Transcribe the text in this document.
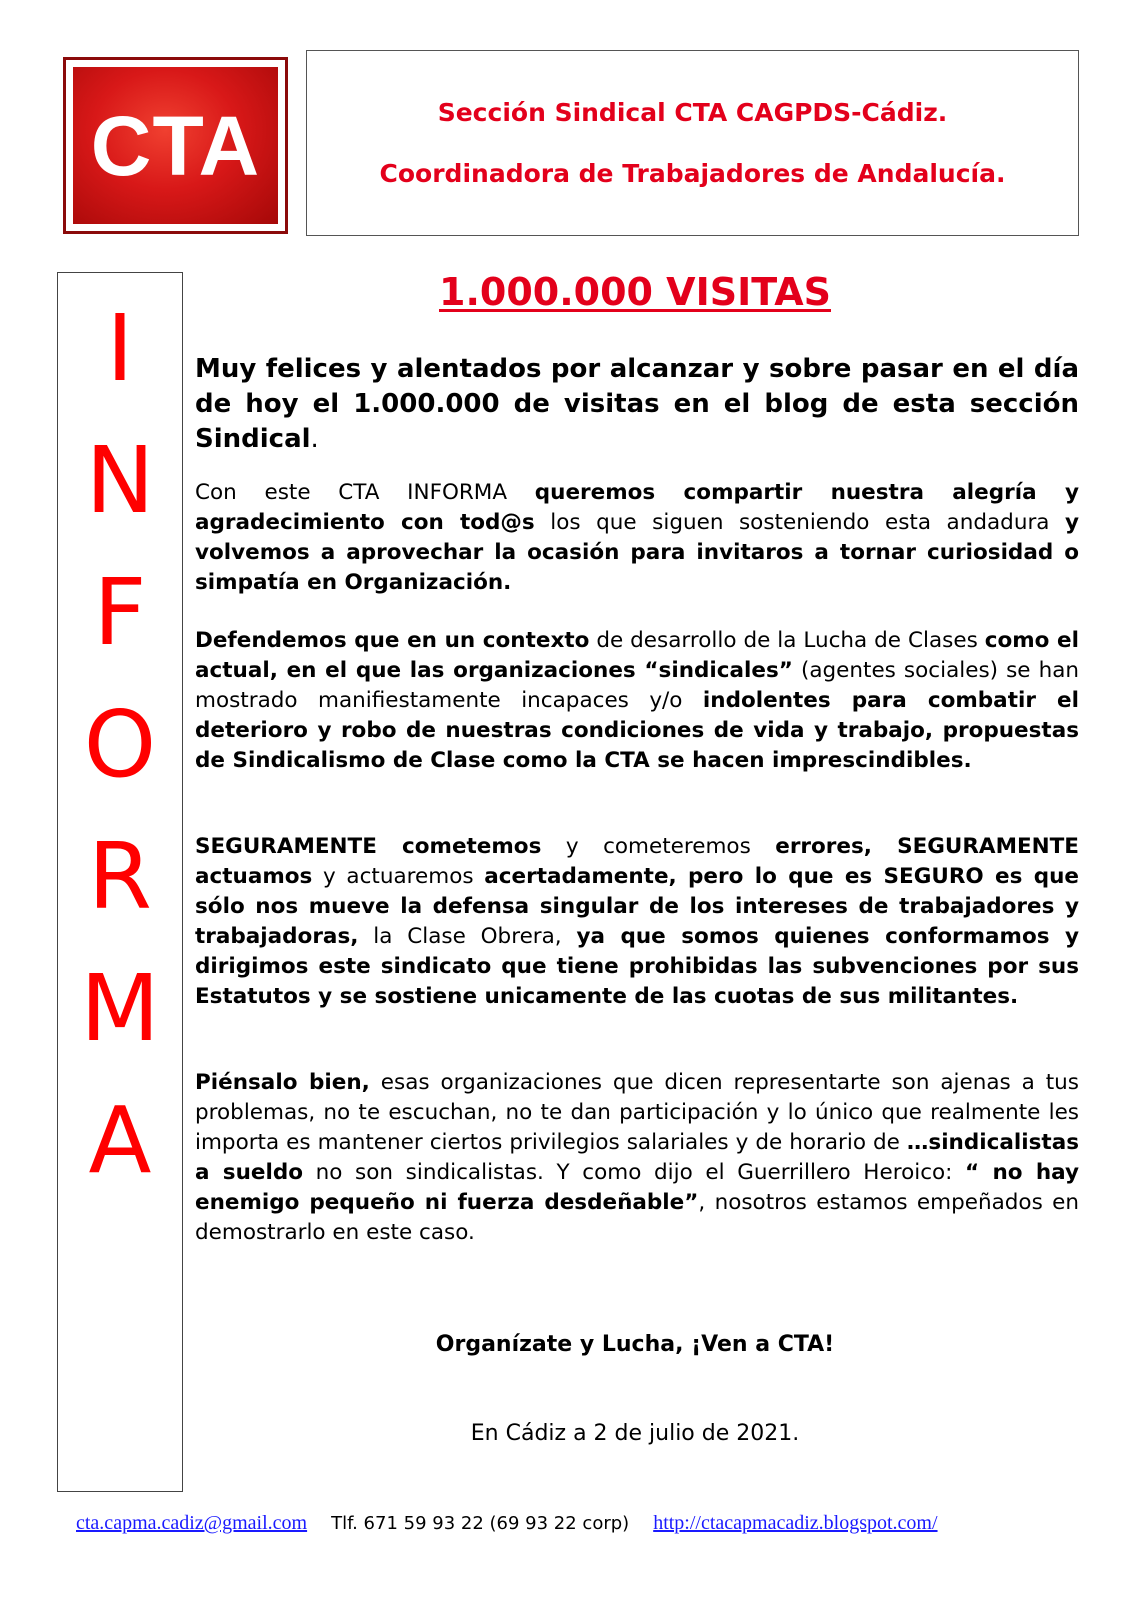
CTA	Sección Sindical CTA CAGPDS-Cádiz.
Coordinadora de Trabajadores de Andalucía.
I
N
F
O
R
M
A
1.000.000 VISITAS
Muy felices y alentados por alcanzar y sobre pasar en el día de hoy el 1.000.000 de visitas en el blog de esta sección Sindical.
Con este CTA INFORMA queremos compartir nuestra alegría y agradecimiento con tod@s los que siguen sosteniendo esta andadura y volvemos a aprovechar la ocasión para invitaros a tornar curiosidad o simpatía en Organización.
Defendemos que en un contexto de desarrollo de la Lucha de Clases como el actual, en el que las organizaciones “sindicales” (agentes sociales) se han mostrado manifiestamente incapaces y/o indolentes para combatir el deterioro y robo de nuestras condiciones de vida y trabajo, propuestas de Sindicalismo de Clase como la CTA se hacen imprescindibles.
SEGURAMENTE cometemos y cometeremos errores, SEGURAMENTE actuamos y actuaremos acertadamente, pero lo que es SEGURO es que sólo nos mueve la defensa singular de los intereses de trabajadores y trabajadoras, la Clase Obrera, ya que somos quienes conformamos y dirigimos este sindicato que tiene prohibidas las subvenciones por sus Estatutos y se sostiene unicamente de las cuotas de sus militantes.
Piénsalo bien, esas organizaciones que dicen representarte son ajenas a tus problemas, no te escuchan, no te dan participación y lo único que realmente les importa es mantener ciertos privilegios salariales y de horario de …sindicalistas a sueldo no son sindicalistas. Y como dijo el Guerrillero Heroico: “ no hay enemigo pequeño ni fuerza desdeñable”, nosotros estamos empeñados en demostrarlo en este caso.
Organízate y Lucha, ¡Ven a CTA!
En Cádiz a 2 de julio de 2021.
cta.capma.cadiz@gmail.com Tlf. 671 59 93 22 (69 93 22 corp) http://ctacapmacadiz.blogspot.com/
